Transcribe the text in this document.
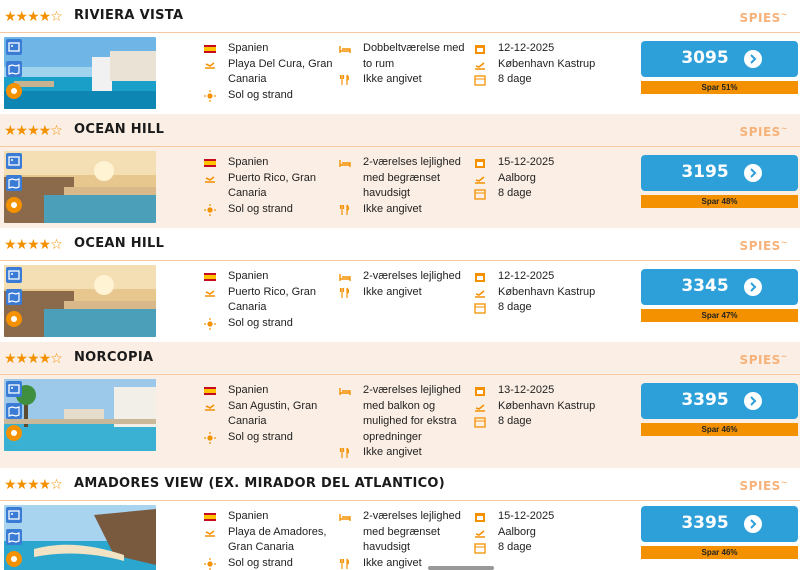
★★★★☆ RIVIERA VISTA	SPIES~
Spanien
Playa Del Cura, Gran Canaria
Sol og strand
Dobbeltværelse med to rum
Ikke angivet
12-12-2025
København Kastrup
8 dage
3095
Spar 51%
★★★★☆ OCEAN HILL	SPIES~
Spanien
Puerto Rico, Gran Canaria
Sol og strand
2-værelses lejlighed med begrænset havudsigt
Ikke angivet
15-12-2025
Aalborg
8 dage
3195
Spar 48%
★★★★☆ OCEAN HILL	SPIES~
Spanien
Puerto Rico, Gran Canaria
Sol og strand
2-værelses lejlighed
Ikke angivet
12-12-2025
København Kastrup
8 dage
3345
Spar 47%
★★★★☆ NORCOPIA	SPIES~
Spanien
San Agustin, Gran Canaria
Sol og strand
2-værelses lejlighed med balkon og mulighed for ekstra opredninger
Ikke angivet
13-12-2025
København Kastrup
8 dage
3395
Spar 46%
★★★★☆ AMADORES VIEW (EX. MIRADOR DEL ATLANTICO)	SPIES~
Spanien
Playa de Amadores, Gran Canaria
Sol og strand
2-værelses lejlighed med begrænset havudsigt
Ikke angivet
15-12-2025
Aalborg
8 dage
3395
Spar 46%
